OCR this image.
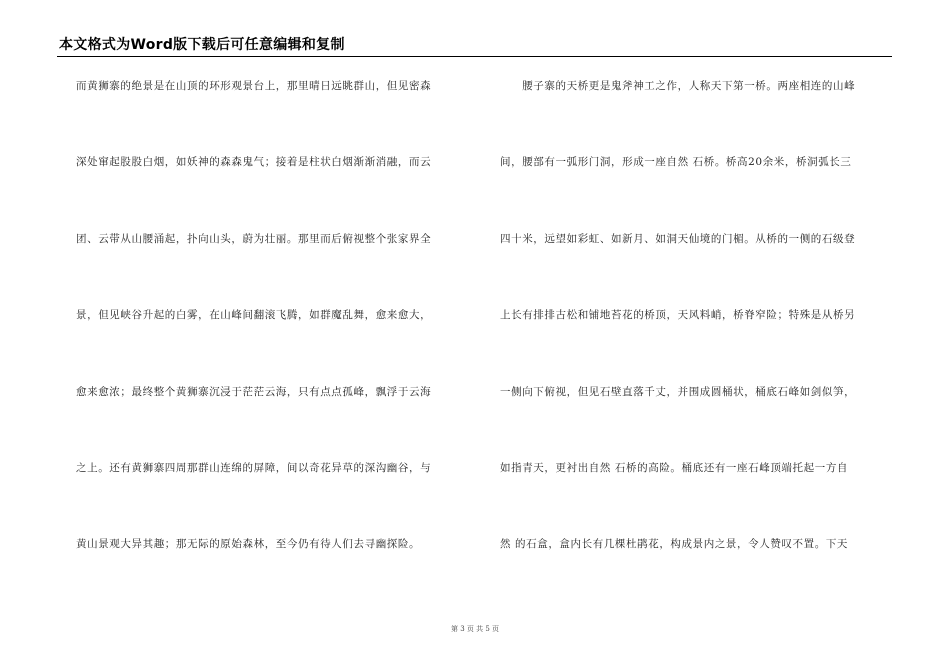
本文格式为Word版下载后可任意编辑和复制
而黄狮寨的绝景是在山顶的环形观景台上，那里晴日远眺群山，但见密森
深处窜起股股白烟，如妖神的森森鬼气；接着是柱状白烟渐渐消融，而云
团、云带从山腰涌起，扑向山头，蔚为壮丽。那里而后俯视整个张家界全
景，但见峡谷升起的白雾，在山峰间翻滚飞腾，如群魔乱舞，愈来愈大，
愈来愈浓；最终整个黄狮寨沉浸于茫茫云海，只有点点孤峰，飘浮于云海
之上。还有黄狮寨四周那群山连绵的屏障，间以奇花异草的深沟幽谷，与
黄山景观大异其趣；那无际的原始森林，至今仍有待人们去寻幽探险。
　　腰子寨的天桥更是鬼斧神工之作，人称天下第一桥。两座相连的山峰
间，腰部有一弧形门洞，形成一座自然 石桥。桥高20余米，桥洞弧长三
四十米，远望如彩虹、如新月、如洞天仙境的门楣。从桥的一侧的石级登
上长有排排古松和铺地苔花的桥顶，天风料峭，桥脊窄险；特殊是从桥另
一侧向下俯视，但见石壁直落千丈，并围成圆桶状，桶底石峰如剑似笋，
如指青天，更衬出自然 石桥的高险。桶底还有一座石峰顶端托起一方自
然 的石盒，盒内长有几棵杜鹃花，构成景内之景，令人赞叹不置。下天
第 3 页 共 5 页
